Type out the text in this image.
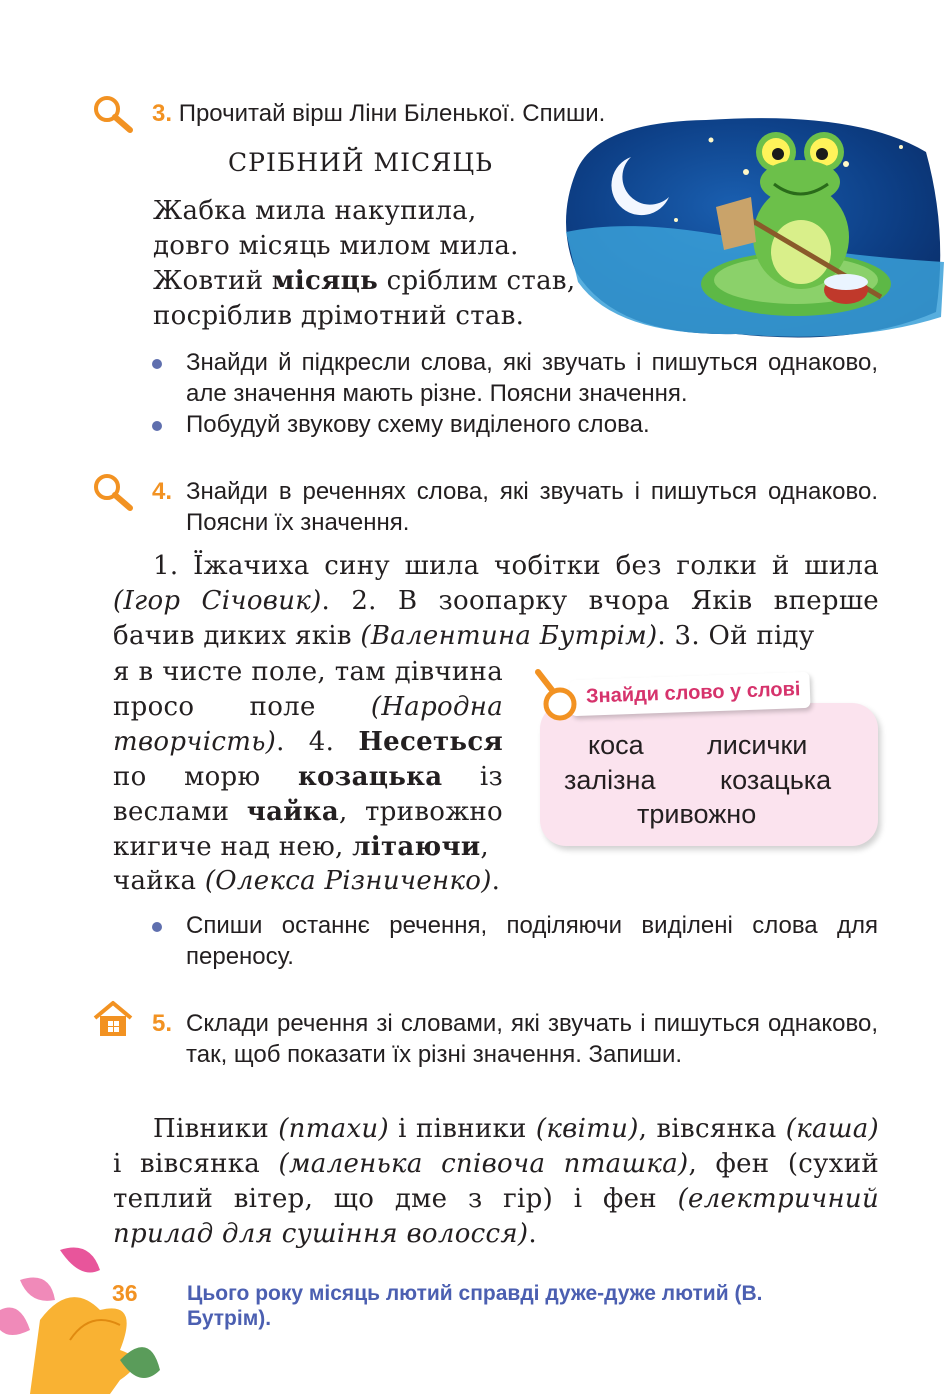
3. Прочитай вірш Ліни Біленької. Спиши.
СРІБНИЙ МІСЯЦЬ
Жабка мила накупила,
довго місяць милом мила.
Жовтий місяць сріблим став,
посріблив дрімотний став.
Знайди й підкресли слова, які звучать і пишуться однаково, але значення мають різне. Поясни значення.
Побудуй звукову схему виділеного слова.
4. Знайди в реченнях слова, які звучать і пишуться однаково. Поясни їх значення.
1. Їжачиха сину шила чобітки без голки й шила (Ігор Січовик). 2. В зоопарку вчора Яків вперше бачив диких яків (Валентина Бутрім). 3. Ой піду
я в чисте поле, там дівчина просо поле (Народна творчість). 4. Несеться по морю козацька із веслами чайка, тривожно кигиче над нею, літаючи,
чайка (Олекса Різниченко).
Знайди слово у слові
коса лисички
залізна козацька
тривожно
Спиши останнє речення, поділяючи виділені слова для переносу.
5. Склади речення зі словами, які звучать і пишуться однаково, так, щоб показати їх різні значення. Запиши.
Півники (птахи) і півники (квіти), вівсянка (каша) і вівсянка (маленька співоча пташка), фен (сухий теплий вітер, що дме з гір) і фен (електричний прилад для сушіння волосся).
36 Цього року місяць лютий справді дуже-дуже лютий (В. Бутрім).
